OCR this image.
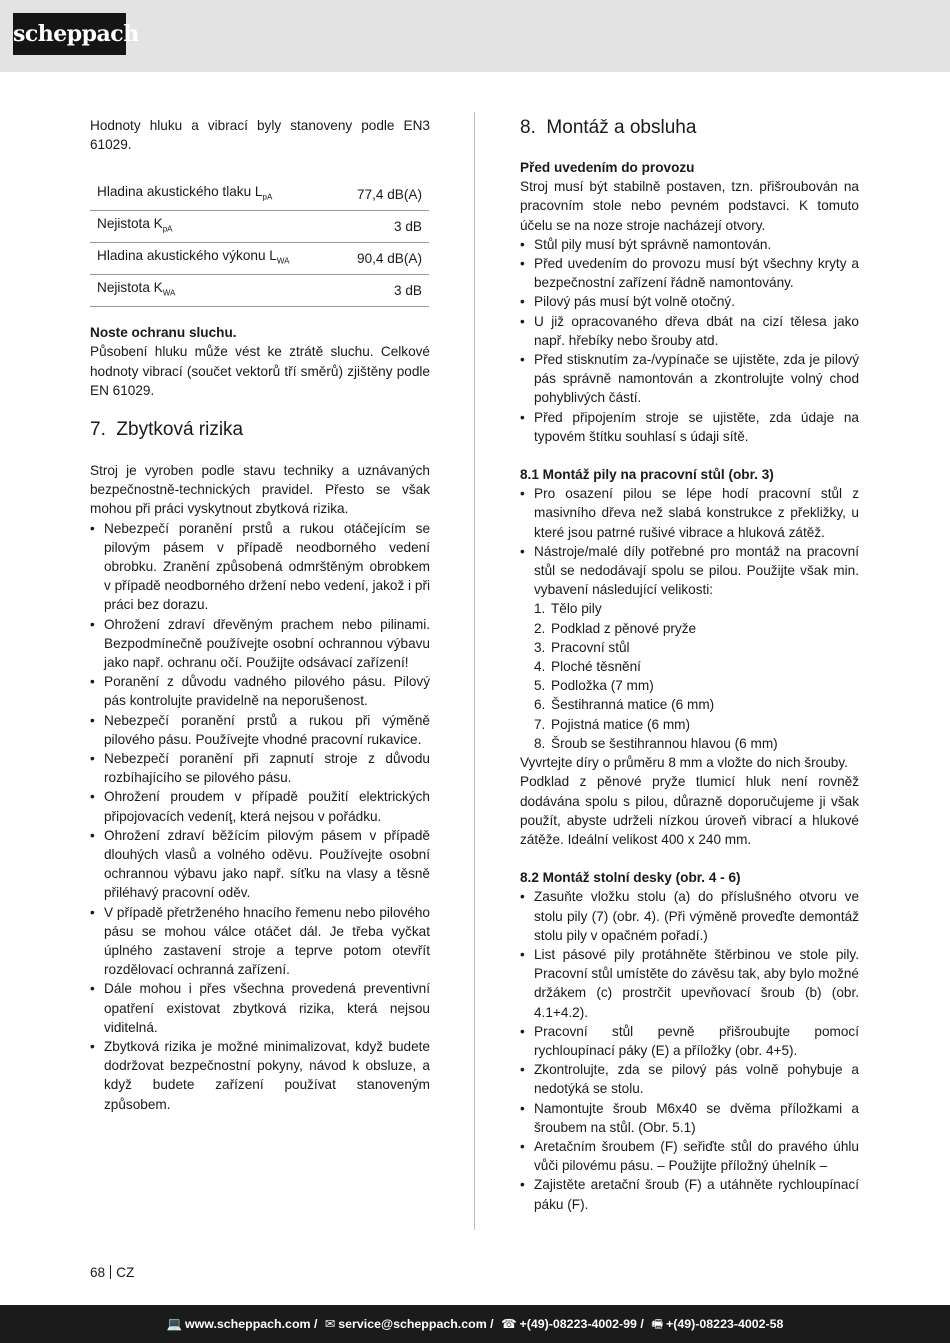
scheppach

Hodnoty hluku a vibrací byly stanoveny podle EN3 61029.

Hladina akustického tlaku $L_{pA}$	77,4 dB(A)
Nejistota $K_{pA}$	3 dB
Hladina akustického výkonu $L_{WA}$	90,4 dB(A)
Nejistota $K_{WA}$	3 dB

Noste ochranu sluchu.

Působení hluku může vést ke ztrátě sluchu. Celkové hodnoty vibrací (součet vektorů tří směrů) zjištěny podle EN 61029.

7. Zbytková rizika

Stroj je vyroben podle stavu techniky a uznávaných bezpečnostně-technických pravidel. Přesto se však mohou při práci vyskytnout zbytková rizika.

• Nebezpečí poranění prstů a rukou otáčejícím se pilovým pásem v případě neodborného vedení obrobku. Zranění způsobená odmrštěným obrobkem v případě neodborného držení nebo vedení, jakož i při práci bez dorazu.
• Ohrožení zdraví dřevěným prachem nebo pilinami. Bezpodmínečně používejte osobní ochrannou výbavu jako např. ochranu očí. Použijte odsávací zařízení!
• Poranění z důvodu vadného pilového pásu. Pilový pás kontrolujte pravidelně na neporušenost.
• Nebezpečí poranění prstů a rukou při výměně pilového pásu. Používejte vhodné pracovní rukavice.
• Nebezpečí poranění při zapnutí stroje z důvodu rozbíhajícího se pilového pásu.
• Ohrožení proudem v případě použití elektrických připojovacích vedeníţ, která nejsou v pořádku.
• Ohrožení zdraví běžícím pilovým pásem v případě dlouhých vlasů a volného oděvu. Používejte osobní ochrannou výbavu jako např. síťku na vlasy a těsně přiléhavý pracovní oděv.
• V případě přetrženého hnacího řemenu nebo pilového pásu se mohou válce otáčet dál. Je třeba vyčkat úplného zastavení stroje a teprve potom otevřít rozdělovací ochranná zařízení.
• Dále mohou i přes všechna provedená preventivní opatření existovat zbytková rizika, která nejsou viditelná.
• Zbytková rizika je možné minimalizovat, když budete dodržovat bezpečnostní pokyny, návod k obsluze, a když budete zařízení používat stanoveným způsobem.
8. Montáž a obsluha

Před uvedením do provozu

Stroj musí být stabilně postaven, tzn. přišroubován na pracovním stole nebo pevném podstavci. K tomuto účelu se na noze stroje nacházejí otvory.

• Stůl pily musí být správně namontován.
• Před uvedením do provozu musí být všechny kryty a bezpečnostní zařízení řádně namontovány.
• Pilový pás musí být volně otočný.
• U již opracovaného dřeva dbát na cizí tělesa jako např. hřebíky nebo šrouby atd.
• Před stisknutím za-/vypínače se ujistěte, zda je pilový pás správně namontován a zkontrolujte volný chod pohyblivých částí.
• Před připojením stroje se ujistěte, zda údaje na typovém štítku souhlasí s údaji sítě.

8.1 Montáž pily na pracovní stůl (obr. 3)

• Pro osazení pilou se lépe hodí pracovní stůl z masivního dřeva než slabá konstrukce z překližky, u které jsou patrné rušivé vibrace a hluková zátěž.
• Nástroje/malé díly potřebné pro montáž na pracovní stůl se nedodávají spolu se pilou. Použijte však min. vybavení následující velikosti:
1. Tělo pily
2. Podklad z pěnové pryže
3. Pracovní stůl
4. Ploché těsnění
5. Podložka (7 mm)
6. Šestihranná matice (6 mm)
7. Pojistná matice (6 mm)
8. Šroub se šestihrannou hlavou (6 mm)

Vyvrtejte díry o průměru 8 mm a vložte do nich šrouby.

Podklad z pěnové pryže tlumicí hluk není rovněž dodávána spolu s pilou, důrazně doporučujeme ji však použít, abyste udrželi nízkou úroveň vibrací a hlukové zátěže. Ideální velikost 400 x 240 mm.

8.2 Montáž stolní desky (obr. 4 - 6)

• Zasuňte vložku stolu (a) do příslušného otvoru ve stolu pily (7) (obr. 4). (Při výměně proveďte demontáž stolu pily v opačném pořadí.)
• List pásové pily protáhněte štěrbinou ve stole pily. Pracovní stůl umístěte do závěsu tak, aby bylo možné držákem (c) prostrčit upevňovací šroub (b) (obr. 4.1+4.2).
• Pracovní stůl pevně přišroubujte pomocí rychloupínací páky (E) a příložky (obr. 4+5).
• Zkontrolujte, zda se pilový pás volně pohybuje a nedotýká se stolu.
• Namontujte šroub M6x40 se dvěma příložkami a šroubem na stůl. (Obr. 5.1)
• Aretačním šroubem (F) seřiďte stůl do pravého úhlu vůči pilovému pásu. – Použijte příložný úhelník –
• Zajistěte aretační šroub (F) a utáhněte rychloupínací páku (F).
68 CZ
💻 www.scheppach.com / ✉ service@scheppach.com / ☎ +(49)-08223-4002-99 / 🖷 +(49)-08223-4002-58
